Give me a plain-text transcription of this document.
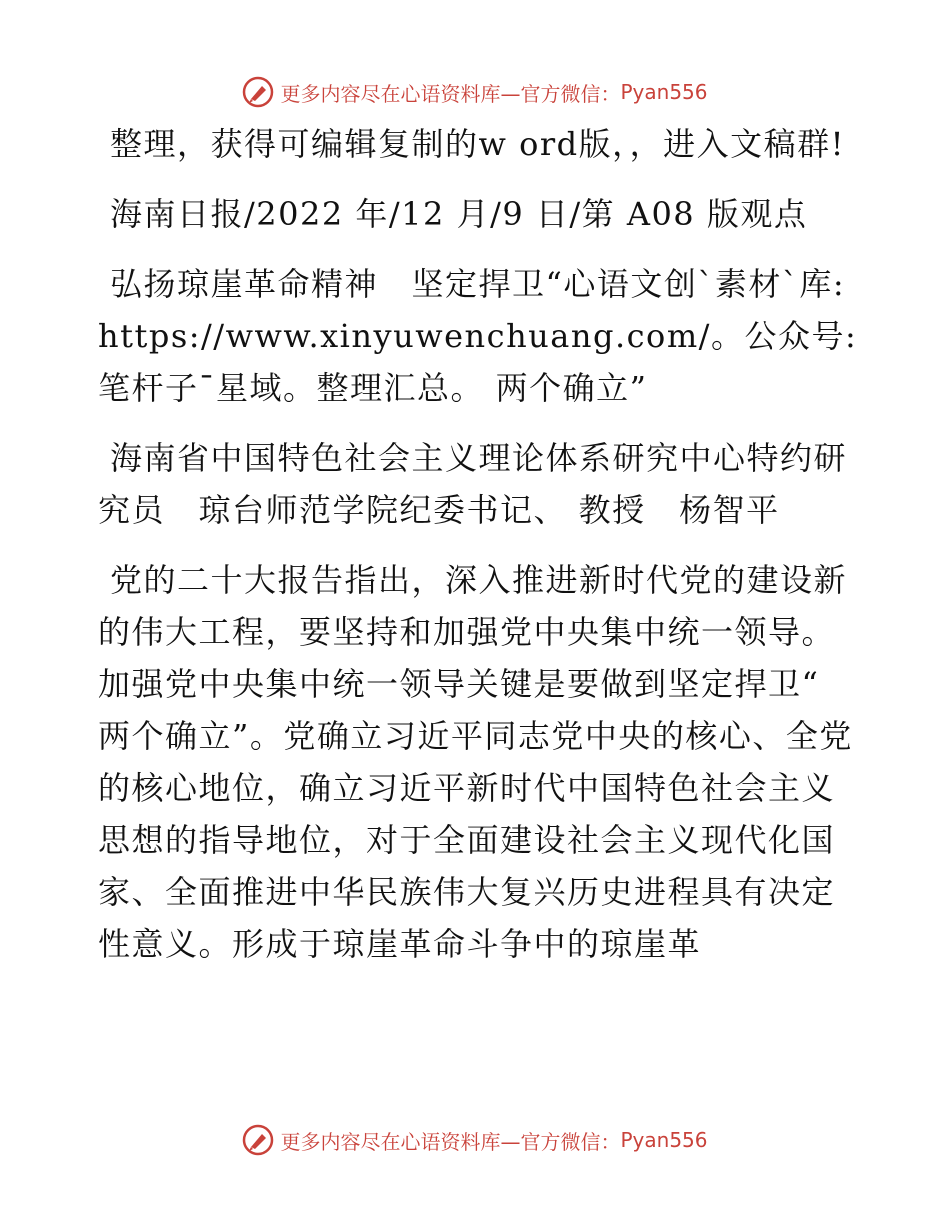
更多内容尽在心语资料库—官方微信： Pyan556

整理，获得可编辑复制的w ord版，，进入文稿群!

海南日报/2022 年/12 月/9 日/第 A08 版观点

弘扬琼崖革命精神　坚定捍卫“心语文创`素材`库: https://www.xinyuwenchuang.com/。公众号: 笔杆子¯星域。整理汇总。 两个确立”

海南省中国特色社会主义理论体系研究中心特约研究员　琼台师范学院纪委书记、 教授　杨智平

党的二十大报告指出，深入推进新时代党的建设新的伟大工程，要坚持和加强党中央集中统一领导。加强党中央集中统一领导关键是要做到坚定捍卫“ 两个确立”。党确立习近平同志党中央的核心、全党的核心地位，确立习近平新时代中国特色社会主义思想的指导地位，对于全面建设社会主义现代化国家、全面推进中华民族伟大复兴历史进程具有决定性意义。形成于琼崖革命斗争中的琼崖革

更多内容尽在心语资料库—官方微信： Pyan556
